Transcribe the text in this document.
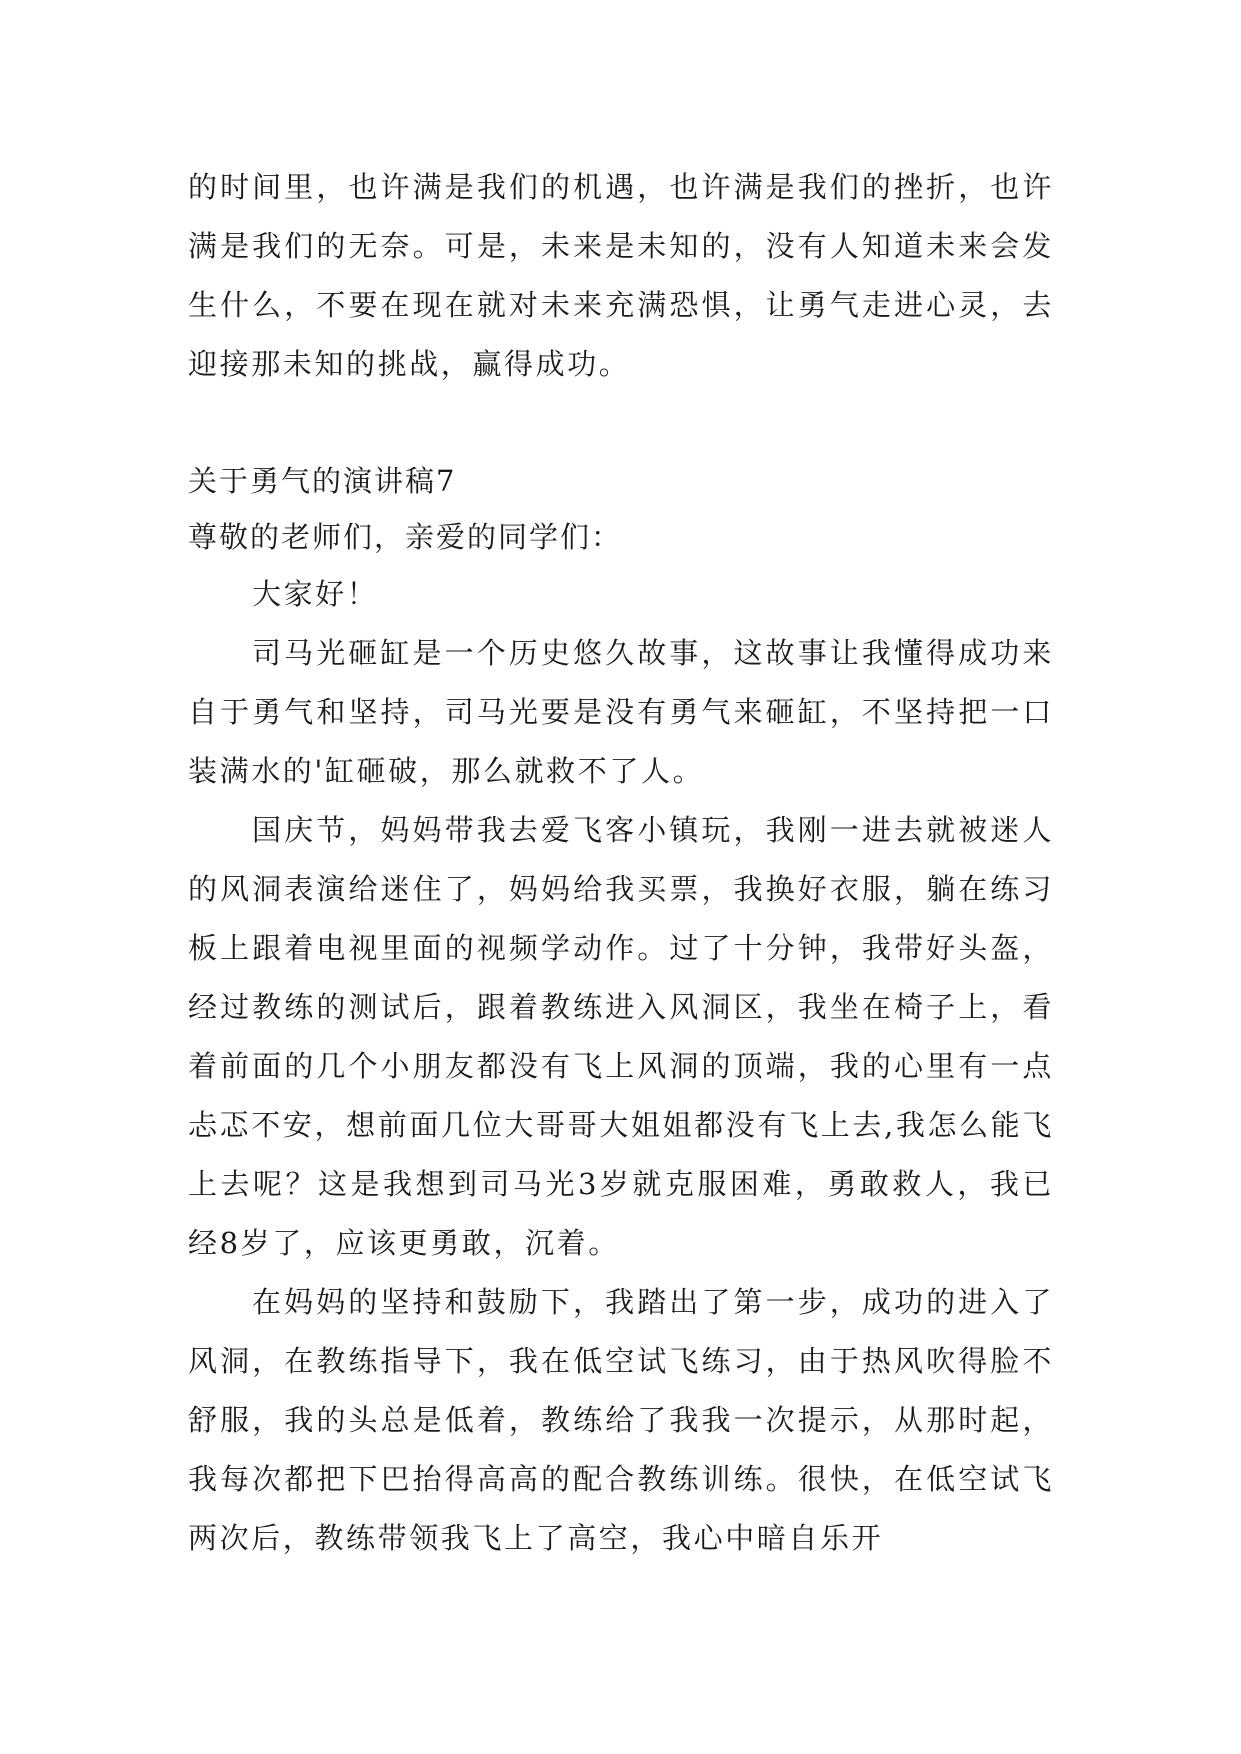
的时间里，也许满是我们的机遇，也许满是我们的挫折，也许满是我们的无奈。可是，未来是未知的，没有人知道未来会发生什么，不要在现在就对未来充满恐惧，让勇气走进心灵，去迎接那未知的挑战，赢得成功。

关于勇气的演讲稿7

尊敬的老师们，亲爱的同学们：

大家好！

司马光砸缸是一个历史悠久故事，这故事让我懂得成功来自于勇气和坚持，司马光要是没有勇气来砸缸，不坚持把一口装满水的'缸砸破，那么就救不了人。

国庆节，妈妈带我去爱飞客小镇玩，我刚一进去就被迷人的风洞表演给迷住了，妈妈给我买票，我换好衣服，躺在练习板上跟着电视里面的视频学动作。过了十分钟，我带好头盔，经过教练的测试后，跟着教练进入风洞区，我坐在椅子上，看着前面的几个小朋友都没有飞上风洞的顶端，我的心里有一点忐忑不安，想前面几位大哥哥大姐姐都没有飞上去,我怎么能飞上去呢？这是我想到司马光3岁就克服困难，勇敢救人，我已经8岁了，应该更勇敢，沉着。

在妈妈的坚持和鼓励下，我踏出了第一步，成功的进入了风洞，在教练指导下，我在低空试飞练习，由于热风吹得脸不舒服，我的头总是低着，教练给了我我一次提示，从那时起，我每次都把下巴抬得高高的配合教练训练。很快，在低空试飞两次后，教练带领我飞上了高空，我心中暗自乐开
